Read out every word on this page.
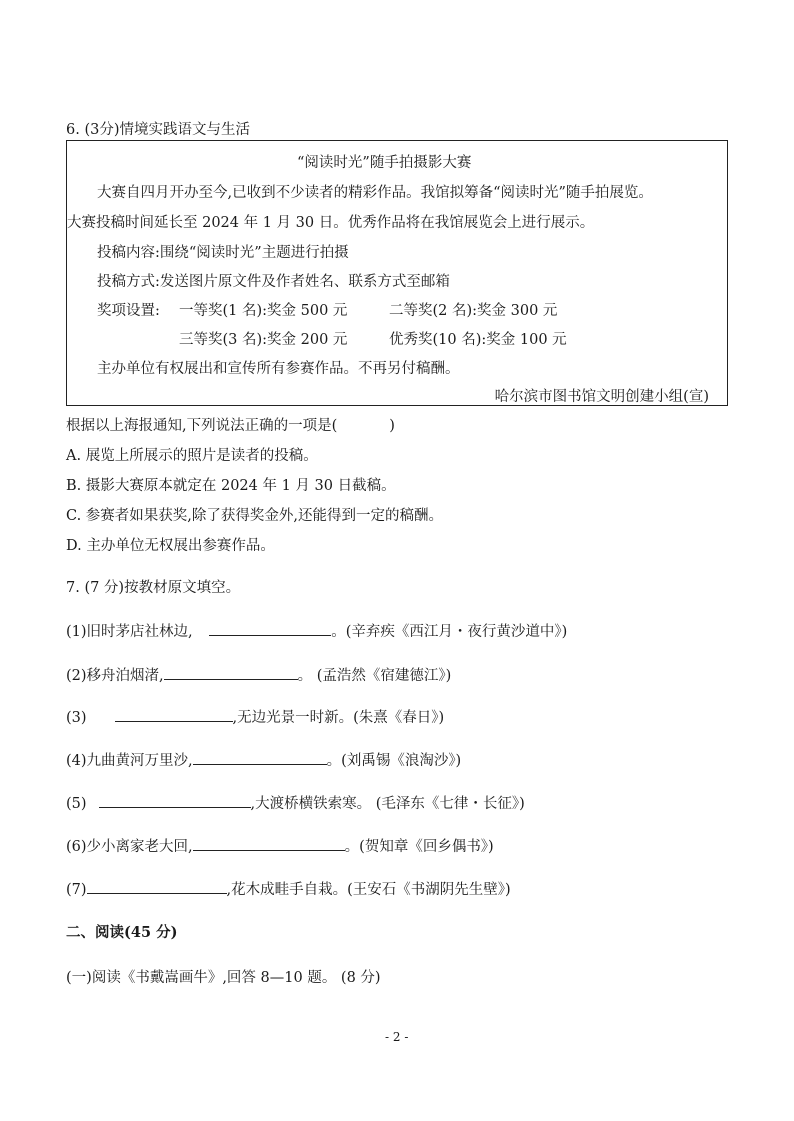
6. (3分)情境实践语文与生活
“阅读时光”随手拍摄影大赛
大赛自四月开办至今,已收到不少读者的精彩作品。我馆拟筹备“阅读时光”随手拍展览。
大赛投稿时间延长至 2024 年 1 月 30 日。优秀作品将在我馆展览会上进行展示。
投稿内容:围绕“阅读时光”主题进行拍摄
投稿方式:发送图片原文件及作者姓名、联系方式至邮箱
奖项设置: 一等奖(1 名):奖金 500 元	二等奖(2 名):奖金 300 元
三等奖(3 名):奖金 200 元	优秀奖(10 名):奖金 100 元
主办单位有权展出和宣传所有参赛作品。不再另付稿酬。
哈尔滨市图书馆文明创建小组(宣)
根据以上海报通知,下列说法正确的一项是(	)
A. 展览上所展示的照片是读者的投稿。
B. 摄影大赛原本就定在 2024 年 1 月 30 日截稿。
C. 参赛者如果获奖,除了获得奖金外,还能得到一定的稿酬。
D. 主办单位无权展出参赛作品。
7. (7 分)按教材原文填空。
(1)旧时茅店社林边,	。(辛弃疾《西江月・夜行黄沙道中》)
(2)移舟泊烟渚,	。 (孟浩然《宿建德江》)
(3)	,无边光景一时新。(朱熹《春日》)
(4)九曲黄河万里沙,	。(刘禹锡《浪淘沙》)
(5)	,大渡桥横铁索寒。 (毛泽东《七律・长征》)
(6)少小离家老大回,	。(贺知章《回乡偶书》)
(7)	,花木成畦手自栽。(王安石《书湖阴先生壁》)
二、阅读(45 分)
(一)阅读《书戴嵩画牛》,回答 8—10 题。 (8 分)
- 2 -
